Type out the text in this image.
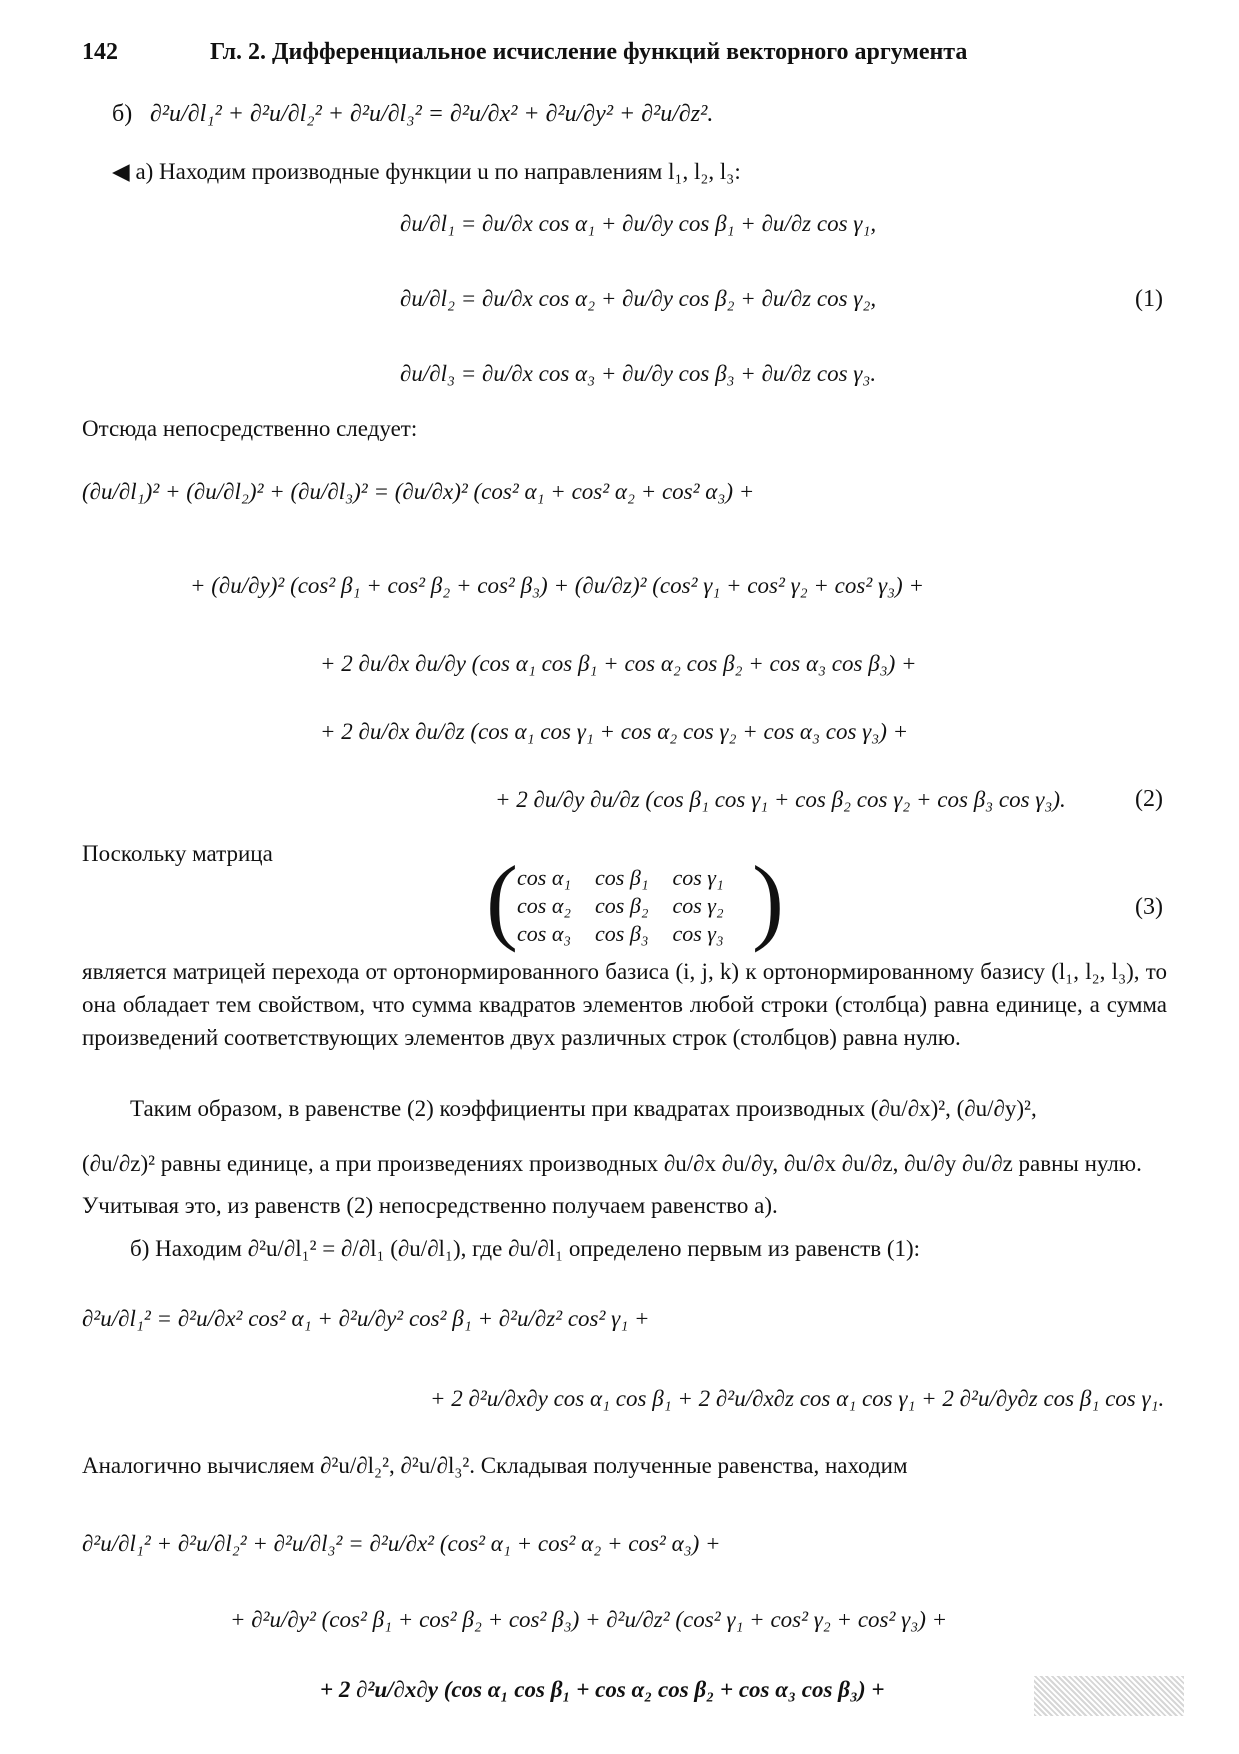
142	Гл. 2. Дифференциальное исчисление функций векторного аргумента
∂²u/∂l₁² + ∂²u/∂l₂² + ∂²u/∂l₃² = ∂²u/∂x² + ∂²u/∂y² + ∂²u/∂z².
б)
◀ а) Находим производные функции u по направлениям l₁, l₂, l₃:
∂u/∂l₁ = ∂u/∂x cos α₁ + ∂u/∂y cos β₁ + ∂u/∂z cos γ₁,
∂u/∂l₂ = ∂u/∂x cos α₂ + ∂u/∂y cos β₂ + ∂u/∂z cos γ₂,
∂u/∂l₃ = ∂u/∂x cos α₃ + ∂u/∂y cos β₃ + ∂u/∂z cos γ₃.
(1)
Отсюда непосредственно следует:
(∂u/∂l₁)² + (∂u/∂l₂)² + (∂u/∂l₃)² = (∂u/∂x)² (cos² α₁ + cos² α₂ + cos² α₃) +
+ (∂u/∂y)² (cos² β₁ + cos² β₂ + cos² β₃) + (∂u/∂z)² (cos² γ₁ + cos² γ₂ + cos² γ₃) +
+ 2 ∂u/∂x ∂u/∂y (cos α₁ cos β₁ + cos α₂ cos β₂ + cos α₃ cos β₃) +
+ 2 ∂u/∂x ∂u/∂z (cos α₁ cos γ₁ + cos α₂ cos γ₂ + cos α₃ cos γ₃) +
+ 2 ∂u/∂y ∂u/∂z (cos β₁ cos γ₁ + cos β₂ cos γ₂ + cos β₃ cos γ₃).	(2)
Поскольку матрица ( cos α₁	cos β₁	cos γ₁
cos α₂	cos β₂	cos γ₂
cos α₃	cos β₃	cos γ₃ )	(3)
является матрицей перехода от ортонормированного базиса (i, j, k) к ортонормированному базису (l₁, l₂, l₃), то она обладает тем свойством, что сумма квадратов элементов любой строки (столбца) равна единице, а сумма произведений соответствующих элементов двух различных строк (столбцов) равна нулю.
Таким образом, в равенстве (2) коэффициенты при квадратах производных (∂u/∂x)², (∂u/∂y)²,
(∂u/∂z)² равны единице, а при произведениях производных ∂u/∂x ∂u/∂y, ∂u/∂x ∂u/∂z, ∂u/∂y ∂u/∂z равны нулю.
Учитывая это, из равенств (2) непосредственно получаем равенство а).
б) Находим ∂²u/∂l₁² = ∂/∂l₁ (∂u/∂l₁), где ∂u/∂l₁ определено первым из равенств (1):
∂²u/∂l₁² = ∂²u/∂x² cos² α₁ + ∂²u/∂y² cos² β₁ + ∂²u/∂z² cos² γ₁ +
+ 2 ∂²u/∂x∂y cos α₁ cos β₁ + 2 ∂²u/∂x∂z cos α₁ cos γ₁ + 2 ∂²u/∂y∂z cos β₁ cos γ₁.
Аналогично вычисляем ∂²u/∂l₂², ∂²u/∂l₃². Складывая полученные равенства, находим
∂²u/∂l₁² + ∂²u/∂l₂² + ∂²u/∂l₃² = ∂²u/∂x² (cos² α₁ + cos² α₂ + cos² α₃) +
+ ∂²u/∂y² (cos² β₁ + cos² β₂ + cos² β₃) + ∂²u/∂z² (cos² γ₁ + cos² γ₂ + cos² γ₃) +
+ 2 ∂²u/∂x∂y (cos α₁ cos β₁ + cos α₂ cos β₂ + cos α₃ cos β₃) +
